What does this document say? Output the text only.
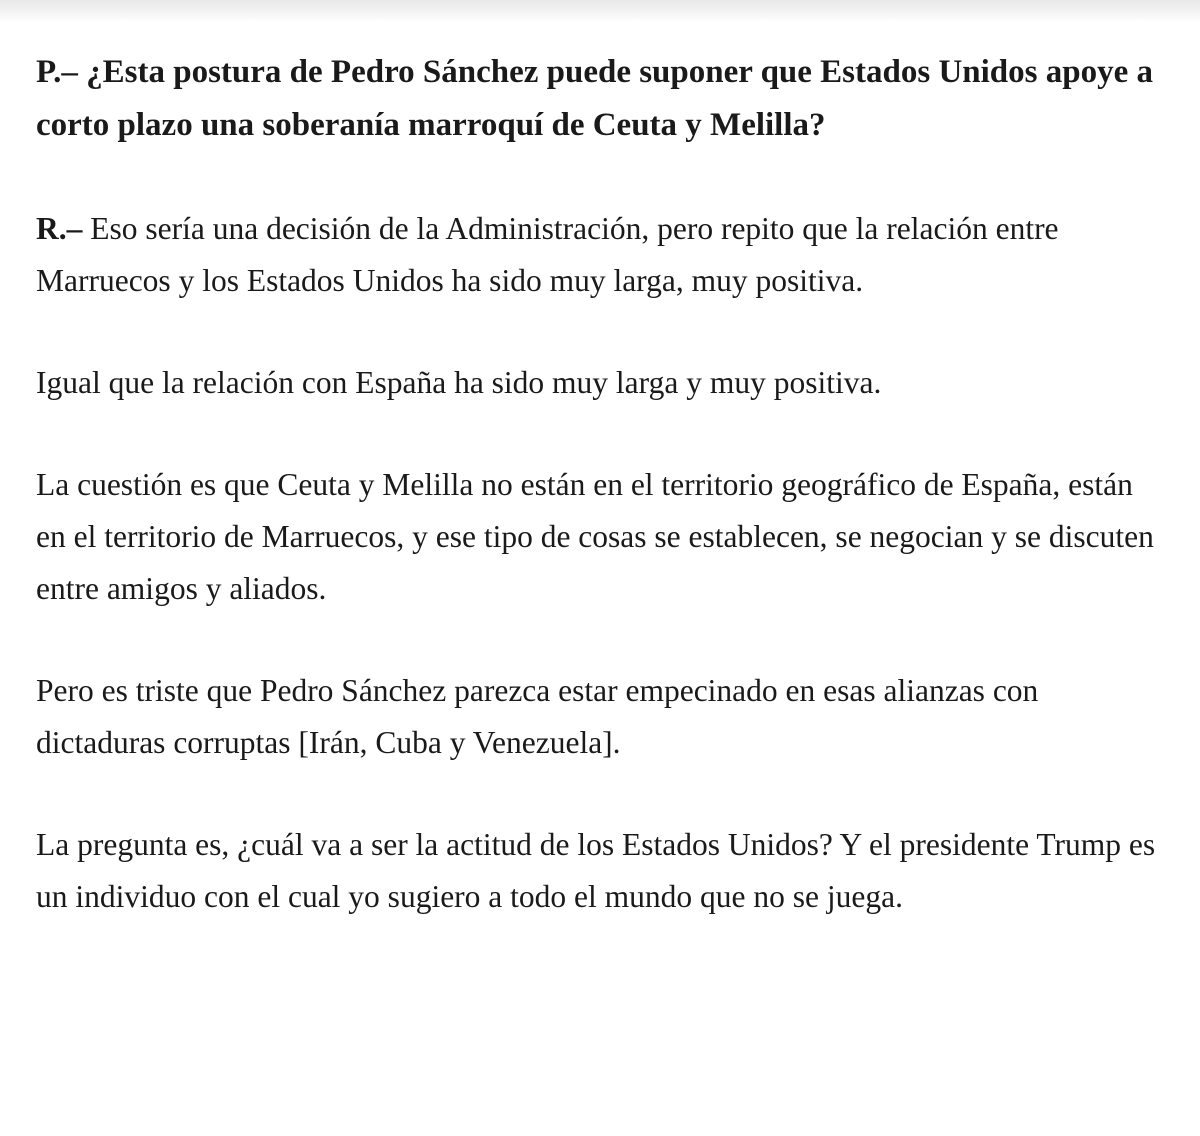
P.– ¿Esta postura de Pedro Sánchez puede suponer que Estados Unidos apoye a corto plazo una soberanía marroquí de Ceuta y Melilla?

R.– Eso sería una decisión de la Administración, pero repito que la relación entre Marruecos y los Estados Unidos ha sido muy larga, muy positiva.

Igual que la relación con España ha sido muy larga y muy positiva.

La cuestión es que Ceuta y Melilla no están en el territorio geográfico de España, están en el territorio de Marruecos, y ese tipo de cosas se establecen, se negocian y se discuten entre amigos y aliados.

Pero es triste que Pedro Sánchez parezca estar empecinado en esas alianzas con dictaduras corruptas [Irán, Cuba y Venezuela].

La pregunta es, ¿cuál va a ser la actitud de los Estados Unidos? Y el presidente Trump es un individuo con el cual yo sugiero a todo el mundo que no se juega.
